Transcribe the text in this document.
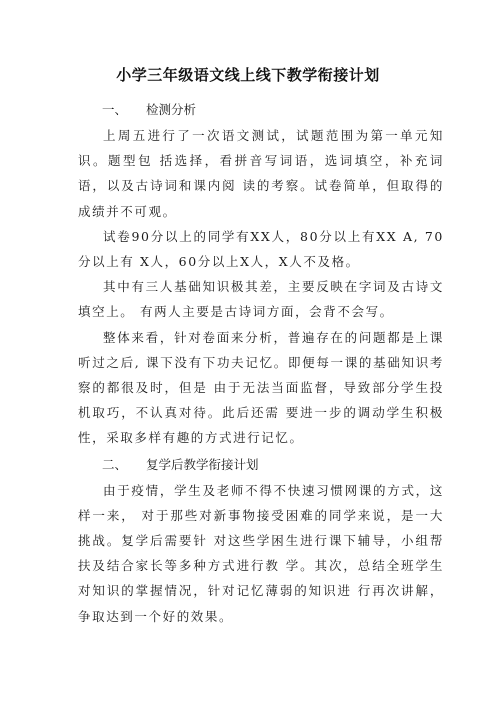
小学三年级语文线上线下教学衔接计划
一、	检测分析

上周五进行了一次语文测试，试题范围为第一单元知识。题型包 括选择，看拼音写词语，选词填空，补充词语，以及古诗词和课内阅 读的考察。试卷简单，但取得的成绩并不可观。

试卷90分以上的同学有XX人，80分以上有XX A, 70分以上有 X人，60分以上X人，X人不及格。

其中有三人基础知识极其差，主要反映在字词及古诗文填空上。 有两人主要是古诗词方面，会背不会写。

整体来看，针对卷面来分析，普遍存在的问题都是上课听过之后, 课下没有下功夫记忆。即便每一课的基础知识考察的都很及时，但是 由于无法当面监督，导致部分学生投机取巧，不认真对待。此后还需 要进一步的调动学生积极性，采取多样有趣的方式进行记忆。

二、	复学后教学衔接计划

由于疫情，学生及老师不得不快速习惯网课的方式，这样一来， 对于那些对新事物接受困难的同学来说，是一大挑战。复学后需要针 对这些学困生进行课下辅导，小组帮扶及结合家长等多种方式进行教 学。其次，总结全班学生对知识的掌握情况，针对记忆薄弱的知识进 行再次讲解，争取达到一个好的效果。
